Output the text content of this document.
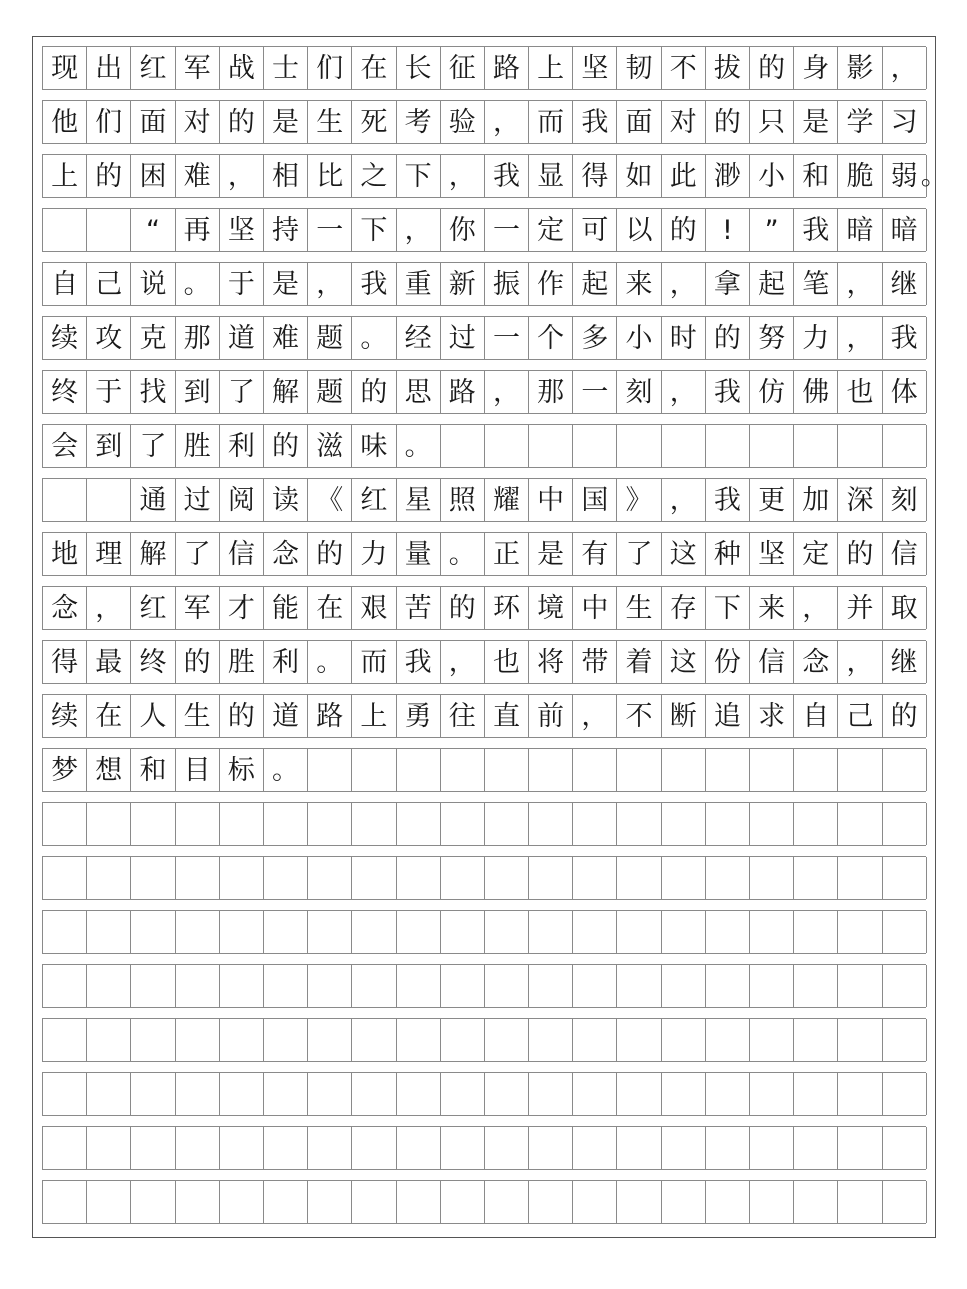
现 出 红 军 战 士 们 在 长 征 路 上 坚 韧 不 拔 的 身 影 ，
他 们 面 对 的 是 生 死 考 验 ， 而 我 面 对 的 只 是 学 习
上 的 困 难 ， 相 比 之 下 ， 我 显 得 如 此 渺 小 和 脆 弱 。
“ 再 坚 持 一 下 ， 你 一 定 可 以 的 !	” 我 暗 暗
自 己 说 。 于 是 ， 我 重 新 振 作 起 来 ， 拿 起 笔 ， 继
续 攻 克 那 道 难 题 。 经 过 一 个 多 小 时 的 努 力 ， 我
终 于 找 到 了 解 题 的 思 路 ， 那 一 刻 ， 我 仿 佛 也 体
会 到 了 胜 利 的 滋 味 。
通 过 阅 读 《 红 星 照 耀 中 国 》 ， 我 更 加 深 刻
地 理 解 了 信 念 的 力 量 。 正 是 有 了 这 种 坚 定 的 信
念 ， 红 军 才 能 在 艰 苦 的 环 境 中 生 存 下 来 ， 并 取
得 最 终 的 胜 利 。 而 我 ， 也 将 带 着 这 份 信 念 ， 继
续 在 人 生 的 道 路 上 勇 往 直 前 ， 不 断 追 求 自 己 的
梦 想 和 目 标 。
